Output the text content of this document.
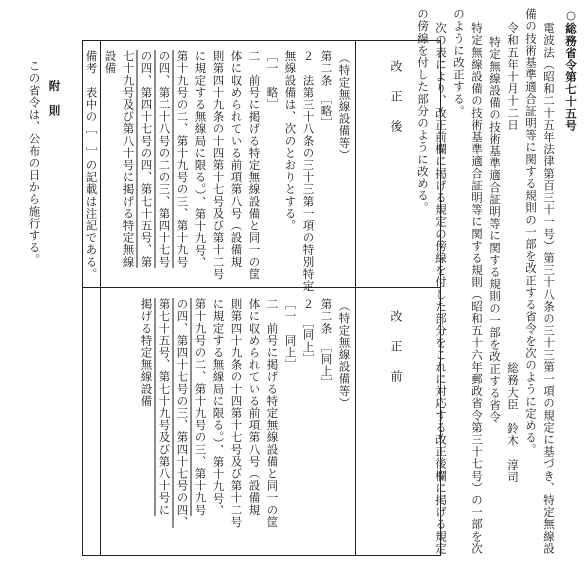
○総務省令第七十五号
電波法（昭和二十五年法律第百三十一号）第三十八条の三十三第一項の規定に基づき、特定無線設
備の技術基準適合証明等に関する規則の一部を改正する省令を次のように定める。
令和五年十月十二日
総務大臣　鈴木　淳司
特定無線設備の技術基準適合証明等に関する規則の一部を改正する省令
特定無線設備の技術基準適合証明等に関する規則（昭和五十六年郵政省令第三十七号）の一部を次
のように改正する。
次の表により、改正前欄に掲げる規定の傍線を付した部分をこれに対応する改正後欄に掲げる規定
の傍線を付した部分のように改める。
改正後
改正前
（特定無線設備等）
第二条　［略］
２　法第三十八条の三十三第一項の特別特定
無線設備は、次のとおりとする。
［一　略］
二　前号に掲げる特定無線設備と同一の筐
体に収められている前項第八号（設備規
則第四十九条の十四第十七号及び第十二号
に規定する無線局に限る。）、第十九号、
第十九号の二、第十九号の三、第十九号
の四、第二十八号の二の三、第四十七号
の四、第四十七号の四、第七十五号、第
七十九号及び第八十号に掲げる特定無線
設備
（特定無線設備等）
第二条　［同上］
２　［同上］
［一　同上］
二　前号に掲げる特定無線設備と同一の筐
体に収められている前項第八号（設備規
則第四十九条の十四第十七号及び第十二号
に規定する無線局に限る。）、第十九号、
第十九号の二、第十九号の三、第十九号
の四、第四十七号の三、第四十七号の四、
第七十五号、第七十九号及び第八十号に
掲げる特定無線設備
備考　表中の［　］の記載は注記である。
附　則
この省令は、公布の日から施行する。
